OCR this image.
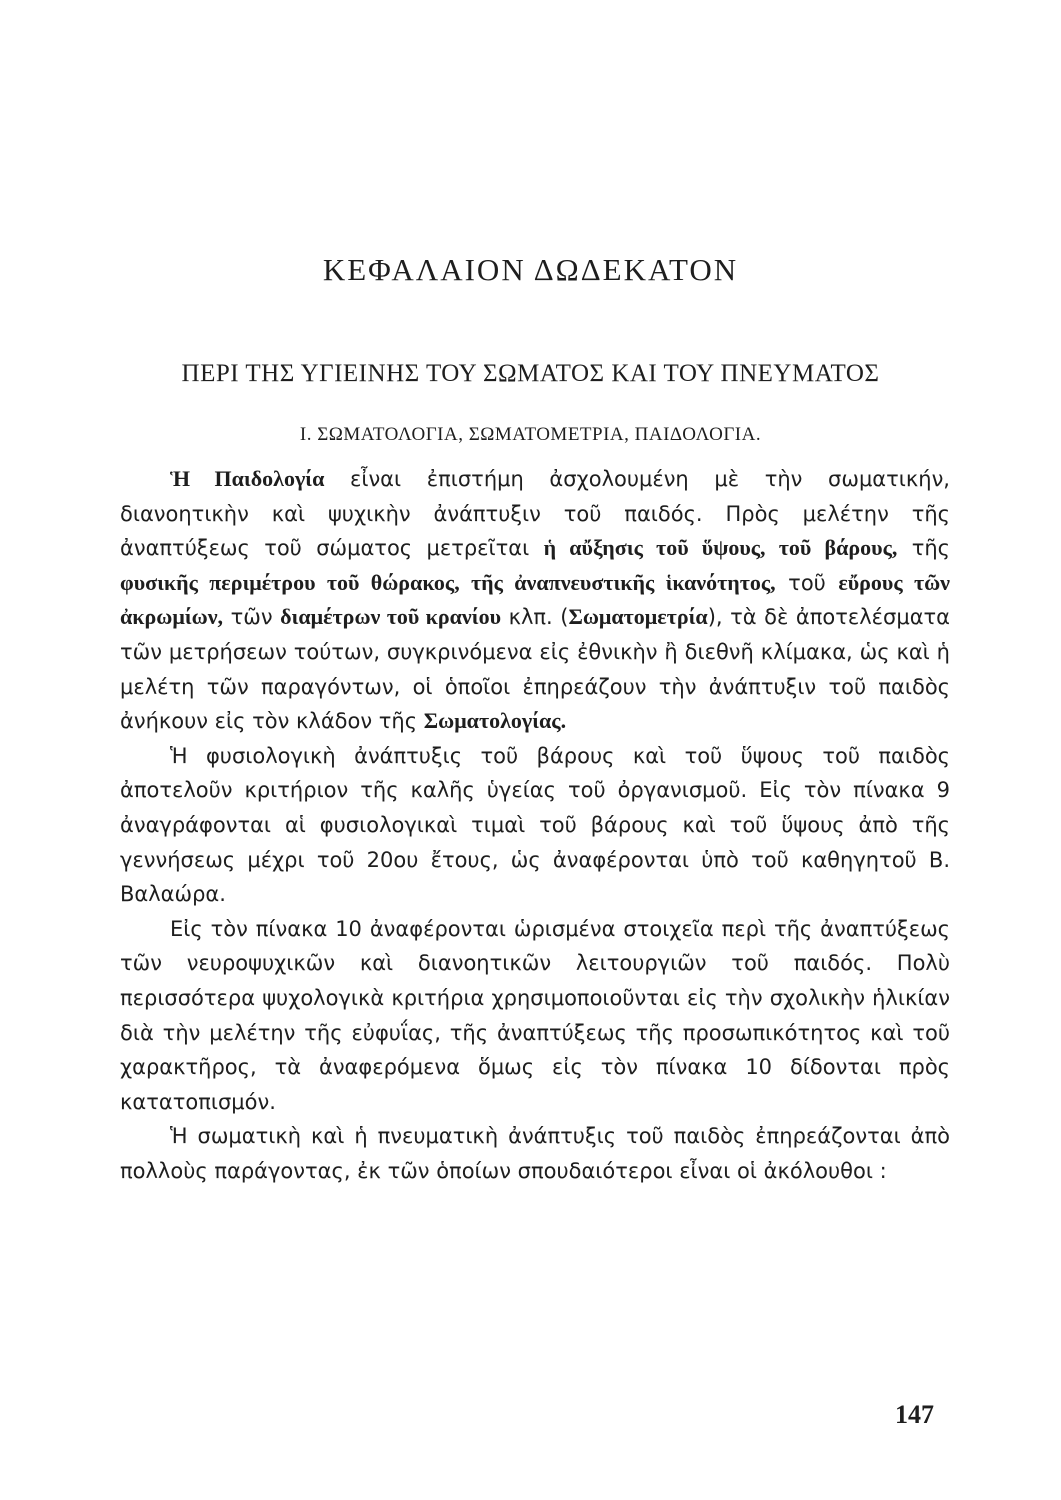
ΚΕΦΑΛΑΙΟΝ ΔΩΔΕΚΑΤΟΝ
ΠΕΡΙ ΤΗΣ ΥΓΙΕΙΝΗΣ ΤΟΥ ΣΩΜΑΤΟΣ ΚΑΙ ΤΟΥ ΠΝΕΥΜΑΤΟΣ
Ι. ΣΩΜΑΤΟΛΟΓΙΑ, ΣΩΜΑΤΟΜΕΤΡΙΑ, ΠΑΙΔΟΛΟΓΙΑ.

Ἡ Παιδολογία εἶναι ἐπιστήμη ἀσχολουμένη μὲ τὴν σωματικήν, διανοητικὴν καὶ ψυχικὴν ἀνάπτυξιν τοῦ παιδός. Πρὸς μελέτην τῆς ἀναπτύξεως τοῦ σώματος μετρεῖται ἡ αὔξησις τοῦ ὕψους, τοῦ βάρους, τῆς φυσικῆς περιμέτρου τοῦ θώρακος, τῆς ἀναπνευστικῆς ἱκανότητος, τοῦ εὔρους τῶν ἀκρωμίων, τῶν διαμέτρων τοῦ κρανίου κλπ. (Σωματομετρία), τὰ δὲ ἀποτελέσματα τῶν μετρήσεων τούτων, συγκρινόμενα εἰς ἐθνικὴν ἢ διεθνῆ κλίμακα, ὡς καὶ ἡ μελέτη τῶν παραγόντων, οἱ ὁποῖοι ἐπηρεάζουν τὴν ἀνάπτυξιν τοῦ παιδὸς ἀνήκουν εἰς τὸν κλάδον τῆς Σωματολογίας.

Ἡ φυσιολογικὴ ἀνάπτυξις τοῦ βάρους καὶ τοῦ ὕψους τοῦ παιδὸς ἀποτελοῦν κριτήριον τῆς καλῆς ὑγείας τοῦ ὀργανισμοῦ. Εἰς τὸν πίνακα 9 ἀναγράφονται αἱ φυσιολογικαὶ τιμαὶ τοῦ βάρους καὶ τοῦ ὕψους ἀπὸ τῆς γεννήσεως μέχρι τοῦ 20ου ἔτους, ὡς ἀναφέρονται ὑπὸ τοῦ καθηγητοῦ Β. Βαλαώρα.

Εἰς τὸν πίνακα 10 ἀναφέρονται ὡρισμένα στοιχεῖα περὶ τῆς ἀναπτύξεως τῶν νευροψυχικῶν καὶ διανοητικῶν λειτουργιῶν τοῦ παιδός. Πολὺ περισσότερα ψυχολογικὰ κριτήρια χρησιμοποιοῦνται εἰς τὴν σχολικὴν ἡλικίαν διὰ τὴν μελέτην τῆς εὐφυΐας, τῆς ἀναπτύξεως τῆς προσωπικότητος καὶ τοῦ χαρακτῆρος, τὰ ἀναφερόμενα ὅμως εἰς τὸν πίνακα 10 δίδονται πρὸς κατατοπισμόν.

Ἡ σωματικὴ καὶ ἡ πνευματικὴ ἀνάπτυξις τοῦ παιδὸς ἐπηρεάζονται ἀπὸ πολλοὺς παράγοντας, ἐκ τῶν ὁποίων σπουδαιότεροι εἶναι οἱ ἀκόλουθοι :

147
